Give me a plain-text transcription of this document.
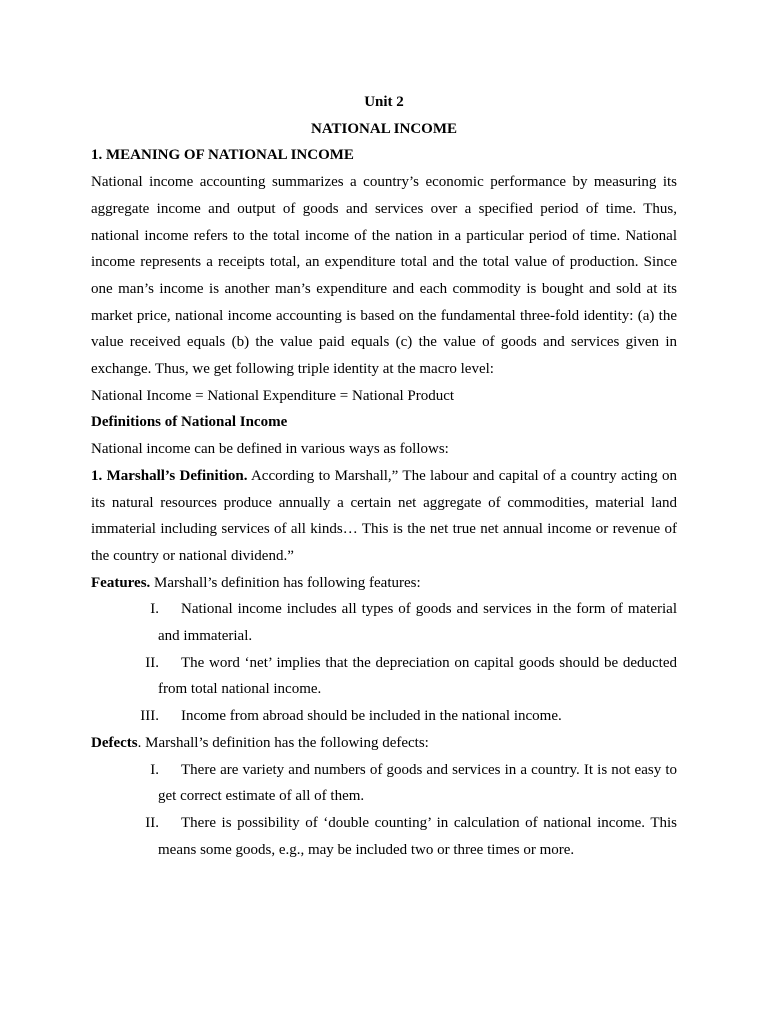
Unit 2

NATIONAL INCOME

1. MEANING OF NATIONAL INCOME

National income accounting summarizes a country’s economic performance by measuring its

aggregate income and output of goods and services over a specified period of time. Thus,

national income refers to the total income of the nation in a particular period of time. National

income represents a receipts total, an expenditure total and the total value of production. Since

one man’s income is another man’s expenditure and each commodity is bought and sold at its

market price, national income accounting is based on the fundamental three-fold identity: (a) the

value received equals (b) the value paid equals (c) the value of goods and services given in

exchange. Thus, we get following triple identity at the macro level:

National Income = National Expenditure = National Product

Definitions of National Income

National income can be defined in various ways as follows:

1. Marshall’s Definition. According to Marshall,” The labour and capital of a country acting on

its natural resources produce annually a certain net aggregate of commodities, material land

immaterial including services of all kinds… This is the net true net annual income or revenue of

the country or national dividend.”

Features. Marshall’s definition has following features:

I. National income includes all types of goods and services in the form of material

and immaterial.

II. The word ‘net’ implies that the depreciation on capital goods should be deducted

from total national income.

III. Income from abroad should be included in the national income.

Defects. Marshall’s definition has the following defects:

I. There are variety and numbers of goods and services in a country. It is not easy to

get correct estimate of all of them.

II. There is possibility of ‘double counting’ in calculation of national income. This

means some goods, e.g., may be included two or three times or more.
